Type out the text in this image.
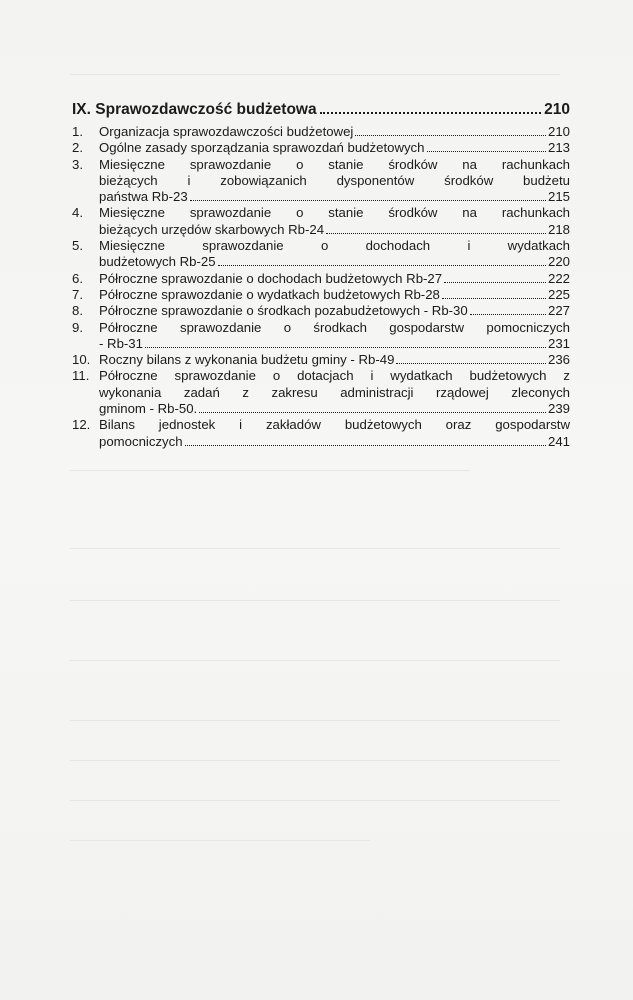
IX. Sprawozdawczość budżetowa	210
1.	Organizacja sprawozdawczości budżetowej	210
2.	Ogólne zasady sporządzania sprawozdań budżetowych	213
3.	Miesięczne sprawozdanie o stanie środków na rachunkach
bieżących i zobowiązanich dysponentów środków budżetu
państwa Rb-23	215
4.	Miesięczne sprawozdanie o stanie środków na rachunkach
bieżących urzędów skarbowych Rb-24	218
5.	Miesięczne sprawozdanie o dochodach i wydatkach
budżetowych Rb-25	220
6.	Półroczne sprawozdanie o dochodach budżetowych Rb-27	222
7.	Półroczne sprawozdanie o wydatkach budżetowych Rb-28	225
8.	Półroczne sprawozdanie o środkach pozabudżetowych - Rb-30	227
9.	Półroczne sprawozdanie o środkach gospodarstw pomocniczych
- Rb-31	231
10. Roczny bilans z wykonania budżetu gminy - Rb-49	236
11. Półroczne sprawozdanie o dotacjach i wydatkach budżetowych z
wykonania zadań z zakresu administracji rządowej zleconych
gminom - Rb-50.	239
12. Bilans jednostek i zakładów budżetowych oraz gospodarstw
pomocniczych	241
